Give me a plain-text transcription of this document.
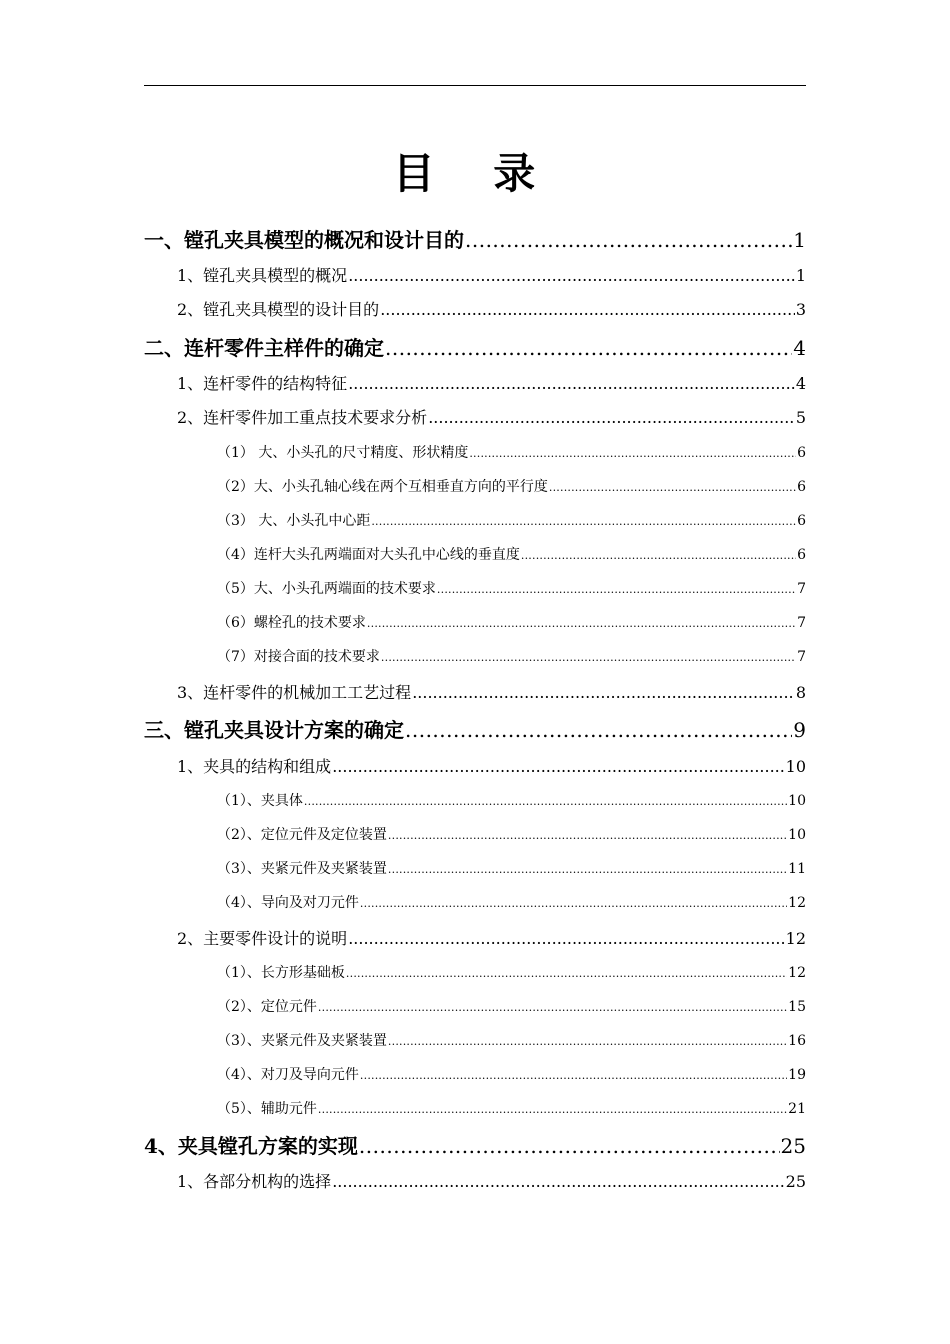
目 录
一、镗孔夹具模型的概况和设计目的 .....	1
1、镗孔夹具模型的概况 .....	1
2、镗孔夹具模型的设计目的 .....	3
二、连杆零件主样件的确定 .....	4
1、连杆零件的结构特征 .....	4
2、连杆零件加工重点技术要求分析 .....	5
（1） 大、小头孔的尺寸精度、形状精度 .....	6
（2）大、小头孔轴心线在两个互相垂直方向的平行度 .....	6
（3） 大、小头孔中心距 .....	6
（4）连杆大头孔两端面对大头孔中心线的垂直度 .....	6
（5）大、小头孔两端面的技术要求 .....	7
（6）螺栓孔的技术要求 .....	7
（7）对接合面的技术要求 .....	7
3、连杆零件的机械加工工艺过程 .....	8
三、镗孔夹具设计方案的确定 .....	9
1、夹具的结构和组成 .....	10
（1）、夹具体 .....	10
（2）、定位元件及定位装置 .....	10
（3）、夹紧元件及夹紧装置 .....	11
（4）、导向及对刀元件 .....	12
2、主要零件设计的说明 .....	12
（1）、长方形基础板 .....	12
（2）、定位元件 .....	15
（3）、夹紧元件及夹紧装置 .....	16
（4）、对刀及导向元件 .....	19
（5）、辅助元件 .....	21
4、夹具镗孔方案的实现 .....	25
1、各部分机构的选择 .....	25
